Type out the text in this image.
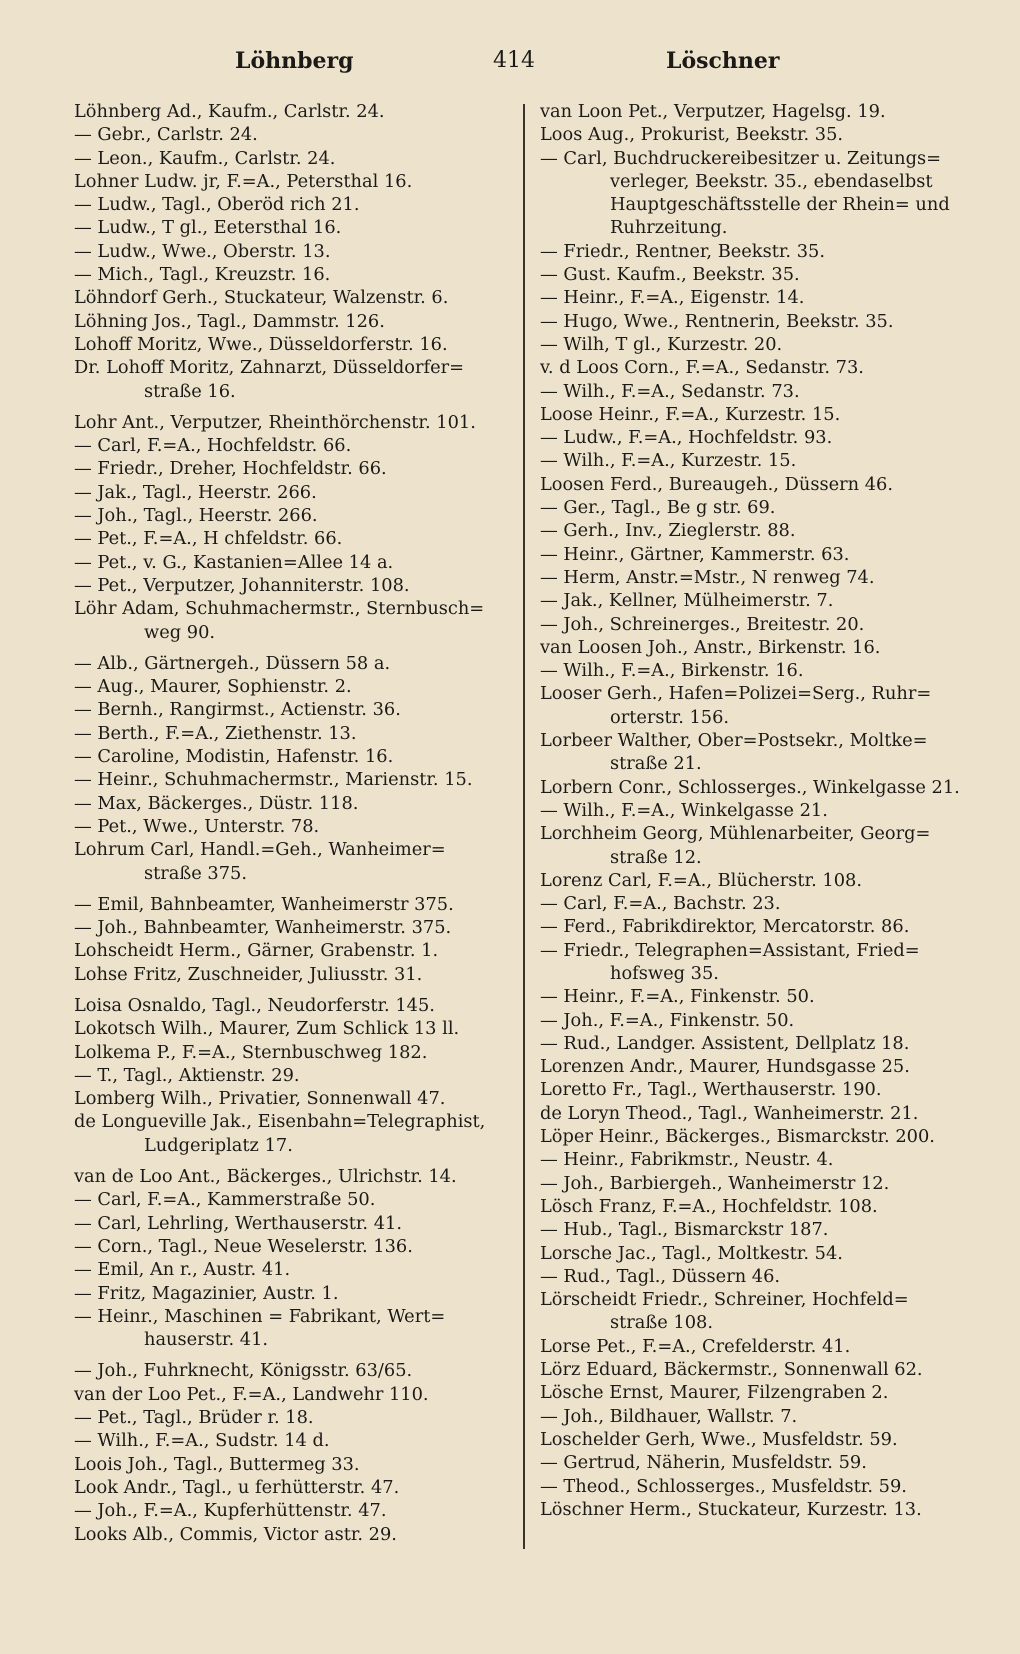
Löhnberg	414	Löschner
Löhnberg Ad., Kaufm., Carlstr. 24.
— Gebr., Carlstr. 24.
— Leon., Kaufm., Carlstr. 24.
Lohner Ludw. jr, F.=A., Petersthal 16.
— Ludw., Tagl., Oberöd rich 21.
— Ludw., T gl., Eetersthal 16.
— Ludw., Wwe., Oberstr. 13.
— Mich., Tagl., Kreuzstr. 16.
Löhndorf Gerh., Stuckateur, Walzenstr. 6.
Löhning Jos., Tagl., Dammstr. 126.
Lohoff Moritz, Wwe., Düsseldorferstr. 16.
Dr. Lohoff Moritz, Zahnarzt, Düsseldorfer=
straße 16.
Lohr Ant., Verputzer, Rheinthörchenstr. 101.
— Carl, F.=A., Hochfeldstr. 66.
— Friedr., Dreher, Hochfeldstr. 66.
— Jak., Tagl., Heerstr. 266.
— Joh., Tagl., Heerstr. 266.
— Pet., F.=A., H chfeldstr. 66.
— Pet., v. G., Kastanien=Allee 14 a.
— Pet., Verputzer, Johanniterstr. 108.
Löhr Adam, Schuhmachermstr., Sternbusch=
weg 90.
— Alb., Gärtnergeh., Düssern 58 a.
— Aug., Maurer, Sophienstr. 2.
— Bernh., Rangirmst., Actienstr. 36.
— Berth., F.=A., Ziethenstr. 13.
— Caroline, Modistin, Hafenstr. 16.
— Heinr., Schuhmachermstr., Marienstr. 15.
— Max, Bäckerges., Düstr. 118.
— Pet., Wwe., Unterstr. 78.
Lohrum Carl, Handl.=Geh., Wanheimer=
straße 375.
— Emil, Bahnbeamter, Wanheimerstr 375.
— Joh., Bahnbeamter, Wanheimerstr. 375.
Lohscheidt Herm., Gärner, Grabenstr. 1.
Lohse Fritz, Zuschneider, Juliusstr. 31.
Loisa Osnaldo, Tagl., Neudorferstr. 145.
Lokotsch Wilh., Maurer, Zum Schlick 13 ll.
Lolkema P., F.=A., Sternbuschweg 182.
— T., Tagl., Aktienstr. 29.
Lomberg Wilh., Privatier, Sonnenwall 47.
de Longueville Jak., Eisenbahn=Telegraphist,
Ludgeriplatz 17.
van de Loo Ant., Bäckerges., Ulrichstr. 14.
— Carl, F.=A., Kammerstraße 50.
— Carl, Lehrling, Werthauserstr. 41.
— Corn., Tagl., Neue Weselerstr. 136.
— Emil, An r., Austr. 41.
— Fritz, Magazinier, Austr. 1.
— Heinr., Maschinen = Fabrikant, Wert=
hauserstr. 41.
— Joh., Fuhrknecht, Königsstr. 63/65.
van der Loo Pet., F.=A., Landwehr 110.
— Pet., Tagl., Brüder r. 18.
— Wilh., F.=A., Sudstr. 14 d.
Loois Joh., Tagl., Buttermeg 33.
Look Andr., Tagl., u ferhütterstr. 47.
— Joh., F.=A., Kupferhüttenstr. 47.
Looks Alb., Commis, Victor astr. 29.
van Loon Pet., Verputzer, Hagelsg. 19.
Loos Aug., Prokurist, Beekstr. 35.
— Carl, Buchdruckereibesitzer u. Zeitungs=
verleger, Beekstr. 35., ebendaselbst
Hauptgeschäftsstelle der Rhein= und
Ruhrzeitung.
— Friedr., Rentner, Beekstr. 35.
— Gust. Kaufm., Beekstr. 35.
— Heinr., F.=A., Eigenstr. 14.
— Hugo, Wwe., Rentnerin, Beekstr. 35.
— Wilh, T gl., Kurzestr. 20.
v. d Loos Corn., F.=A., Sedanstr. 73.
— Wilh., F.=A., Sedanstr. 73.
Loose Heinr., F.=A., Kurzestr. 15.
— Ludw., F.=A., Hochfeldstr. 93.
— Wilh., F.=A., Kurzestr. 15.
Loosen Ferd., Bureaugeh., Düssern 46.
— Ger., Tagl., Be g str. 69.
— Gerh., Inv., Zieglerstr. 88.
— Heinr., Gärtner, Kammerstr. 63.
— Herm, Anstr.=Mstr., N renweg 74.
— Jak., Kellner, Mülheimerstr. 7.
— Joh., Schreinerges., Breitestr. 20.
van Loosen Joh., Anstr., Birkenstr. 16.
— Wilh., F.=A., Birkenstr. 16.
Looser Gerh., Hafen=Polizei=Serg., Ruhr=
orterstr. 156.
Lorbeer Walther, Ober=Postsekr., Moltke=
straße 21.
Lorbern Conr., Schlosserges., Winkelgasse 21.
— Wilh., F.=A., Winkelgasse 21.
Lorchheim Georg, Mühlenarbeiter, Georg=
straße 12.
Lorenz Carl, F.=A., Blücherstr. 108.
— Carl, F.=A., Bachstr. 23.
— Ferd., Fabrikdirektor, Mercatorstr. 86.
— Friedr., Telegraphen=Assistant, Fried=
hofsweg 35.
— Heinr., F.=A., Finkenstr. 50.
— Joh., F.=A., Finkenstr. 50.
— Rud., Landger. Assistent, Dellplatz 18.
Lorenzen Andr., Maurer, Hundsgasse 25.
Loretto Fr., Tagl., Werthauserstr. 190.
de Loryn Theod., Tagl., Wanheimerstr. 21.
Löper Heinr., Bäckerges., Bismarckstr. 200.
— Heinr., Fabrikmstr., Neustr. 4.
— Joh., Barbiergeh., Wanheimerstr 12.
Lösch Franz, F.=A., Hochfeldstr. 108.
— Hub., Tagl., Bismarckstr 187.
Lorsche Jac., Tagl., Moltkestr. 54.
— Rud., Tagl., Düssern 46.
Lörscheidt Friedr., Schreiner, Hochfeld=
straße 108.
Lorse Pet., F.=A., Crefelderstr. 41.
Lörz Eduard, Bäckermstr., Sonnenwall 62.
Lösche Ernst, Maurer, Filzengraben 2.
— Joh., Bildhauer, Wallstr. 7.
Loschelder Gerh, Wwe., Musfeldstr. 59.
— Gertrud, Näherin, Musfeldstr. 59.
— Theod., Schlosserges., Musfeldstr. 59.
Löschner Herm., Stuckateur, Kurzestr. 13.
